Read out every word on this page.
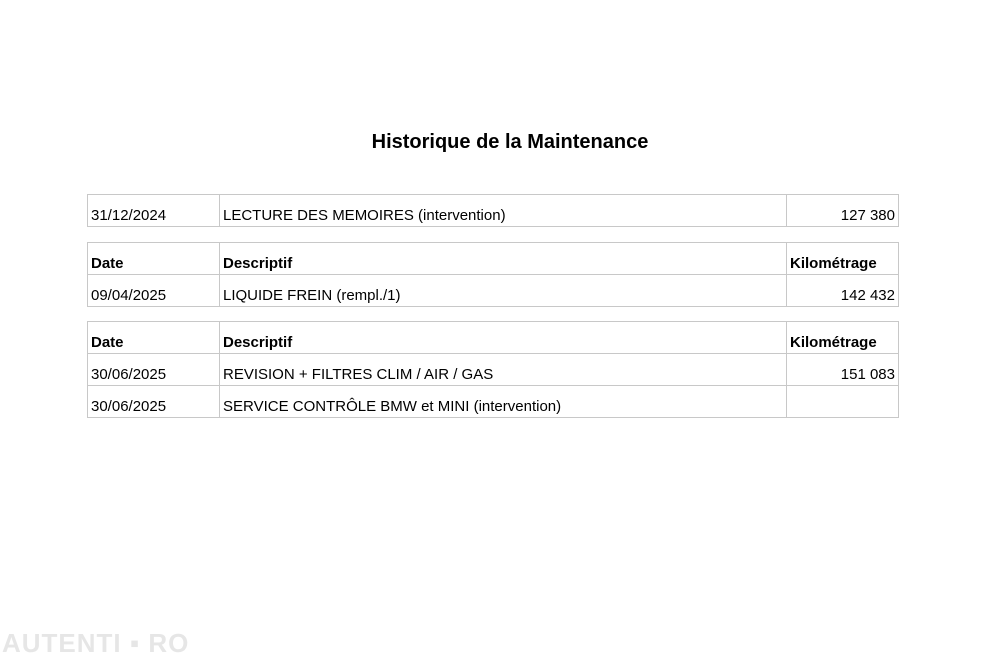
Historique de la Maintenance
31/12/2024	LECTURE DES MEMOIRES (intervention)	127 380
Date	Descriptif	Kilométrage
09/04/2025	LIQUIDE FREIN (rempl./1)	142 432
Date	Descriptif	Kilométrage
30/06/2025	REVISION + FILTRES CLIM / AIR / GAS	151 083
30/06/2025	SERVICE CONTRÔLE BMW et MINI (intervention)	
AUTENTI ▪ RO
